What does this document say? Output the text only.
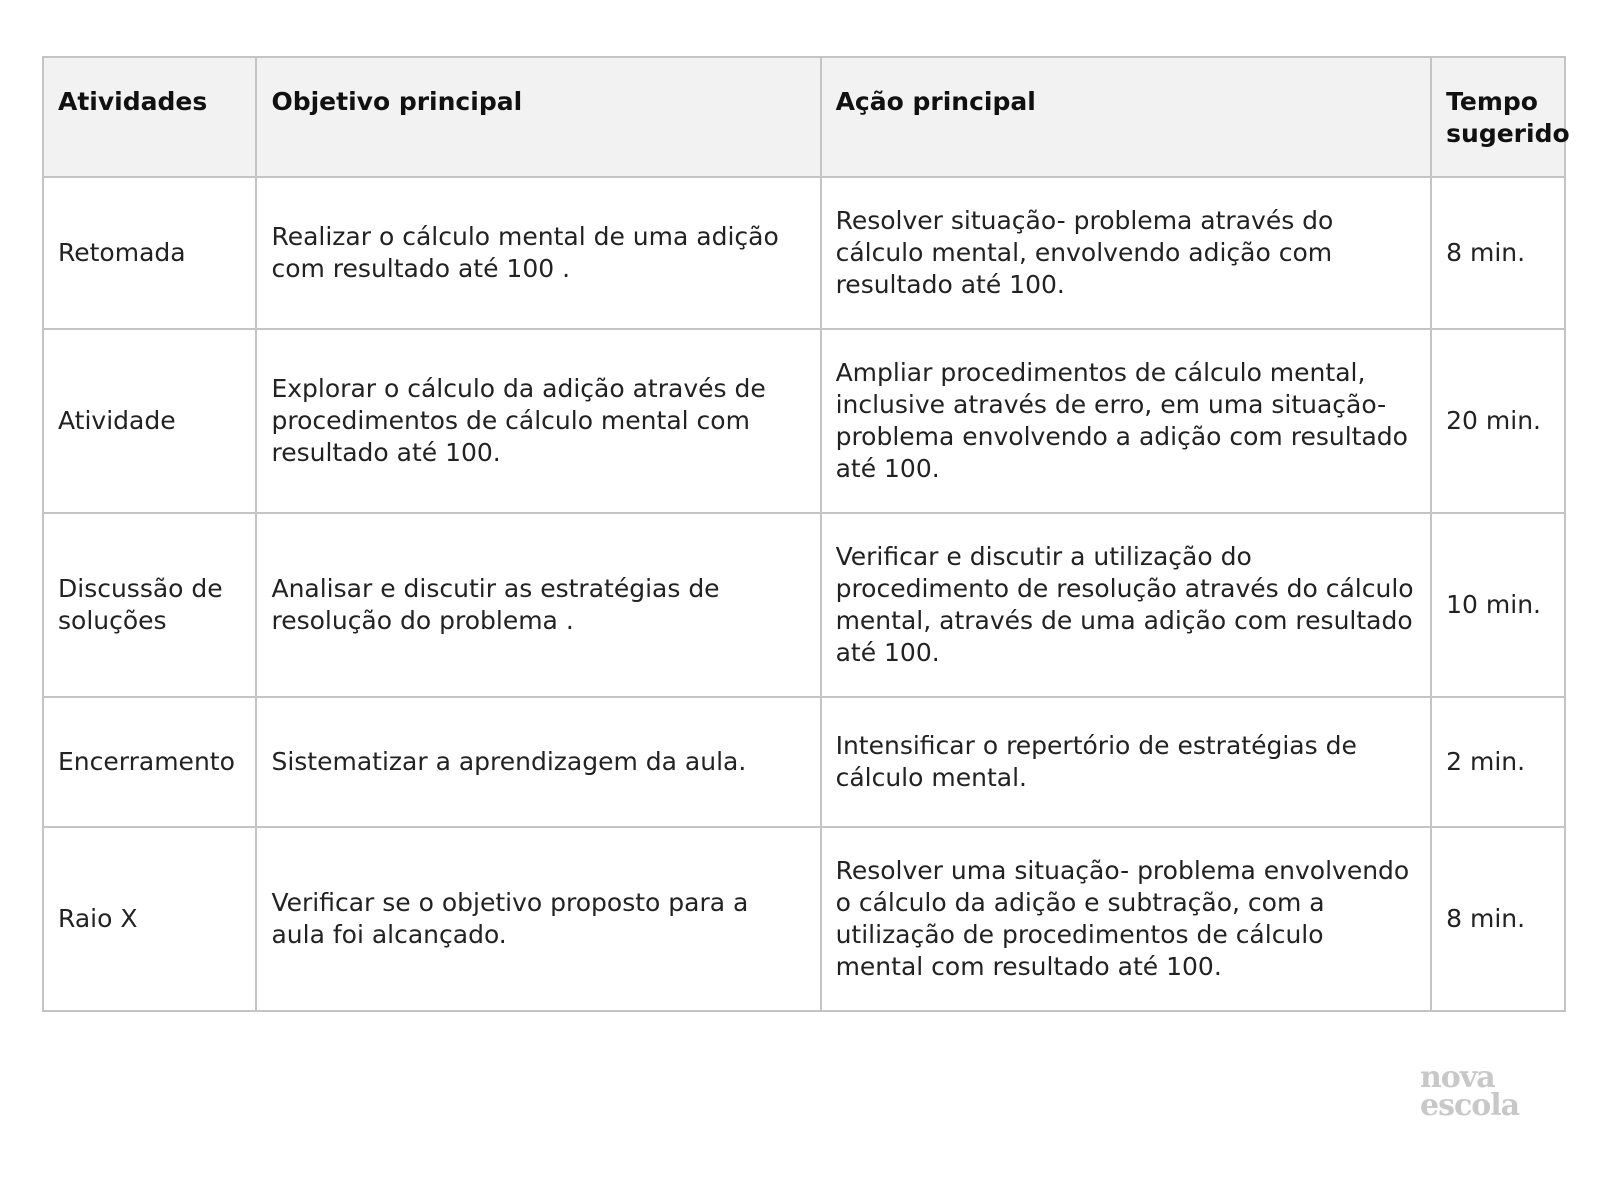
Atividades	Objetivo principal	Ação principal	Tempo sugerido
Retomada	Realizar o cálculo mental de uma adição com resultado até 100 .	Resolver situação- problema através do cálculo mental, envolvendo adição com resultado até 100.	8 min.
Atividade	Explorar o cálculo da adição através de procedimentos de cálculo mental com resultado até 100.	Ampliar procedimentos de cálculo mental, inclusive através de erro, em uma situação- problema envolvendo a adição com resultado até 100.	20 min.
Discussão de soluções	Analisar e discutir as estratégias de resolução do problema .	Verificar e discutir a utilização do procedimento de resolução através do cálculo mental, através de uma adição com resultado até 100.	10 min.
Encerramento	Sistematizar a aprendizagem da aula.	Intensificar o repertório de estratégias de cálculo mental.	2 min.
Raio X	Verificar se o objetivo proposto para a aula foi alcançado.	Resolver uma situação- problema envolvendo o cálculo da adição e subtração, com a utilização de procedimentos de cálculo mental com resultado até 100.	8 min.
nova
escola
